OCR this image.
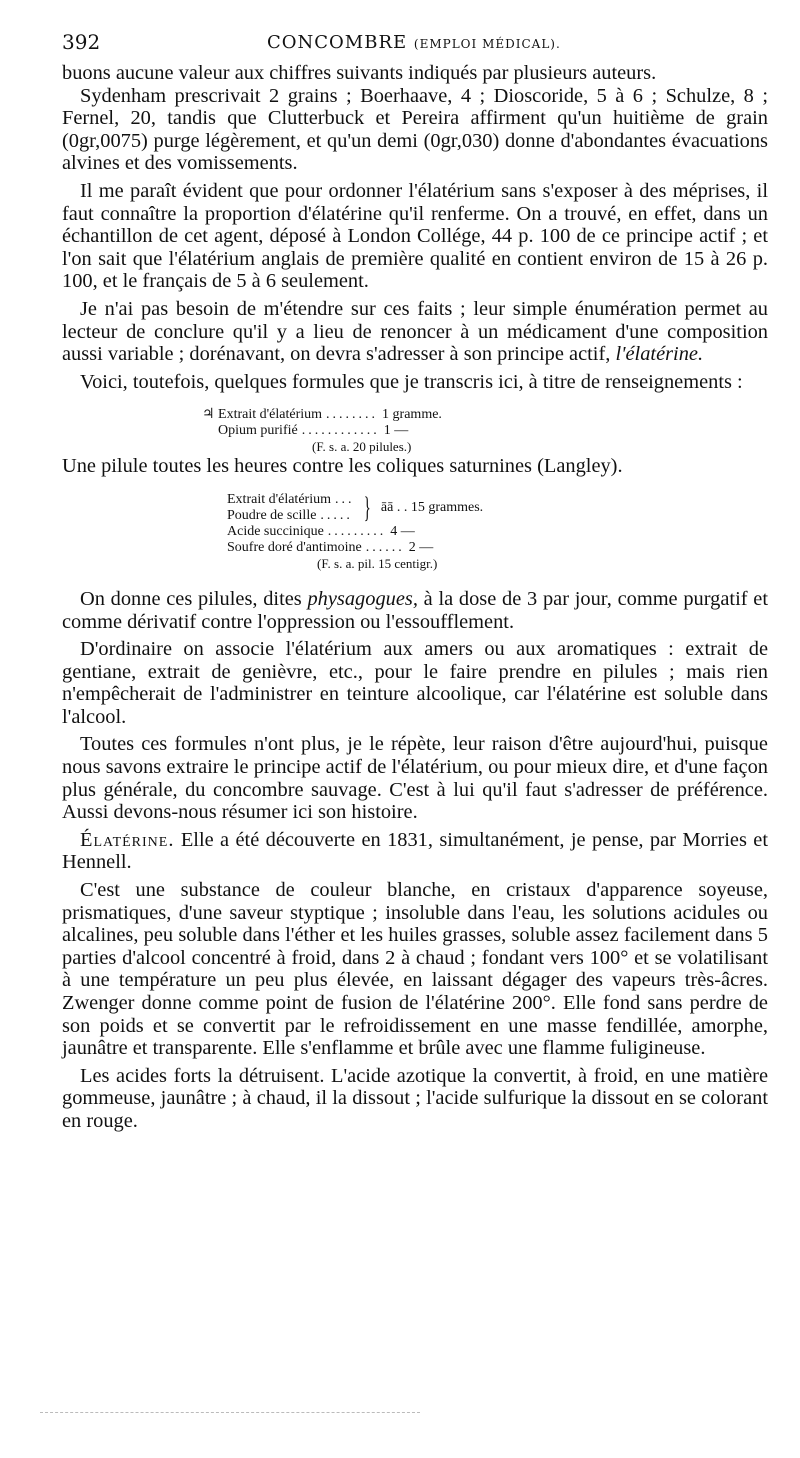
392	CONCOMBRE (EMPLOI MÉDICAL).

buons aucune valeur aux chiffres suivants indiqués par plusieurs auteurs.

Sydenham prescrivait 2 grains ; Boerhaave, 4 ; Dioscoride, 5 à 6 ; Schulze, 8 ; Fernel, 20, tandis que Clutterbuck et Pereira affirment qu'un huitième de grain (0gr,0075) purge légèrement, et qu'un demi (0gr,030) donne d'abondantes évacuations alvines et des vomissements.

Il me paraît évident que pour ordonner l'élatérium sans s'exposer à des méprises, il faut connaître la proportion d'élatérine qu'il renferme. On a trouvé, en effet, dans un échantillon de cet agent, déposé à London Collége, 44 p. 100 de ce principe actif ; et l'on sait que l'élatérium anglais de première qualité en contient environ de 15 à 26 p. 100, et le français de 5 à 6 seulement.

Je n'ai pas besoin de m'étendre sur ces faits ; leur simple énumération permet au lecteur de conclure qu'il y a lieu de renoncer à un médicament d'une composition aussi variable ; dorénavant, on devra s'adresser à son principe actif, l'élatérine.

Voici, toutefois, quelques formules que je transcris ici, à titre de renseignements :

♃ Extrait d'élatérium ........ 1 gramme.
Opium purifié ............ 1 —
(F. s. a. 20 pilules.)

Une pilule toutes les heures contre les coliques saturnines (Langley).

Extrait d'élatérium ...
Poudre de scille ..... } āā . . 15 grammes.
Acide succinique ......... 4 —
Soufre doré d'antimoine ...... 2 —
(F. s. a. pil. 15 centigr.)

On donne ces pilules, dites physagogues, à la dose de 3 par jour, comme purgatif et comme dérivatif contre l'oppression ou l'essoufflement.

D'ordinaire on associe l'élatérium aux amers ou aux aromatiques : extrait de gentiane, extrait de genièvre, etc., pour le faire prendre en pilules ; mais rien n'empêcherait de l'administrer en teinture alcoolique, car l'élatérine est soluble dans l'alcool.

Toutes ces formules n'ont plus, je le répète, leur raison d'être aujourd'hui, puisque nous savons extraire le principe actif de l'élatérium, ou pour mieux dire, et d'une façon plus générale, du concombre sauvage. C'est à lui qu'il faut s'adresser de préférence. Aussi devons-nous résumer ici son histoire.

Élatérine. Elle a été découverte en 1831, simultanément, je pense, par Morries et Hennell.

C'est une substance de couleur blanche, en cristaux d'apparence soyeuse, prismatiques, d'une saveur styptique ; insoluble dans l'eau, les solutions acidules ou alcalines, peu soluble dans l'éther et les huiles grasses, soluble assez facilement dans 5 parties d'alcool concentré à froid, dans 2 à chaud ; fondant vers 100° et se volatilisant à une température un peu plus élevée, en laissant dégager des vapeurs très-âcres. Zwenger donne comme point de fusion de l'élatérine 200°. Elle fond sans perdre de son poids et se convertit par le refroidissement en une masse fendillée, amorphe, jaunâtre et transparente. Elle s'enflamme et brûle avec une flamme fuligineuse.

Les acides forts la détruisent. L'acide azotique la convertit, à froid, en une matière gommeuse, jaunâtre ; à chaud, il la dissout ; l'acide sulfurique la dissout en se colorant en rouge.
